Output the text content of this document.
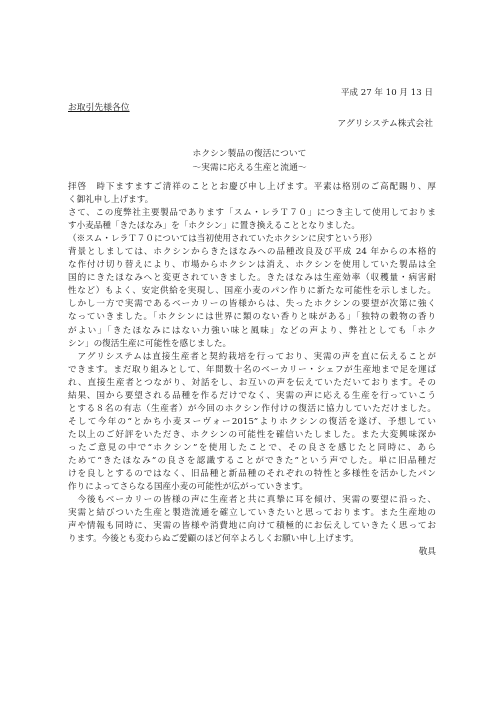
平成 27 年 10 月 13 日
お取引先様各位
アグリシステム株式会社
ホクシン製品の復活について
～実需に応える生産と流通～
拝啓　時下ますますご清祥のこととお慶び申し上げます。平素は格別のご高配賜り、厚
く御礼申し上げます。
さて、この度弊社主要製品であります「スム・レラＴ７０」につき主して使用しておりま
す小麦品種「きたほなみ」を「ホクシン」に置き換えることとなりました。
（※スム・レラＴ７０については当初使用されていたホクシンに戻すという形）
背景としましては、ホクシンからきたほなみへの品種改良及び平成 24 年からの本格的
な作付け切り替えにより、市場からホクシンは消え、ホクシンを使用していた製品は全
国的にきたほなみへと変更されていきました。きたほなみは生産効率（収穫量・病害耐
性など）もよく、安定供給を実現し、国産小麦のパン作りに新たな可能性を示しました。
しかし一方で実需であるベーカリーの皆様からは、失ったホクシンの要望が次第に強く
なっていきました。「ホクシンには世界に類のない香りと味がある」「独特の穀物の香り
がよい」「きたほなみにはない力強い味と風味」などの声より、弊社としても「ホク
シン」の復活生産に可能性を感じました。
　アグリシステムは直接生産者と契約栽培を行っており、実需の声を直に伝えることが
できます。まだ取り組みとして、年間数十名のベーカリー・シェフが生産地まで足を運ば
れ、直接生産者とつながり、対話をし、お互いの声を伝えていただいております。その
結果、国から要望される品種を作るだけでなく、実需の声に応える生産を行っていこう
とする８名の有志（生産者）が今回のホクシン作付けの復活に協力していただけました。
そして今年の“とかち小麦ヌーヴォー2015”よりホクシンの復活を遂げ、予想してい
た以上のご好評をいただき、ホクシンの可能性を確信いたしました。また大変興味深か
ったご意見の中で“ホクシン”を使用したことで、その良さを感じたと同時に、あら
ためて“きたほなみ”の良さを認識することができた”という声でした。単に旧品種だ
けを良しとするのではなく、旧品種と新品種のそれぞれの特性と多様性を活かしたパン
作りによってさらなる国産小麦の可能性が広がっていきます。
　今後もベーカリーの皆様の声に生産者と共に真摯に耳を傾け、実需の要望に沿った、
実需と結びついた生産と製造流通を確立していきたいと思っております。また生産地の
声や情報も同時に、実需の皆様や消費地に向けて積極的にお伝えしていきたく思ってお
ります。今後とも変わらぬご愛顧のほど何卒よろしくお願い申し上げます。
敬具
